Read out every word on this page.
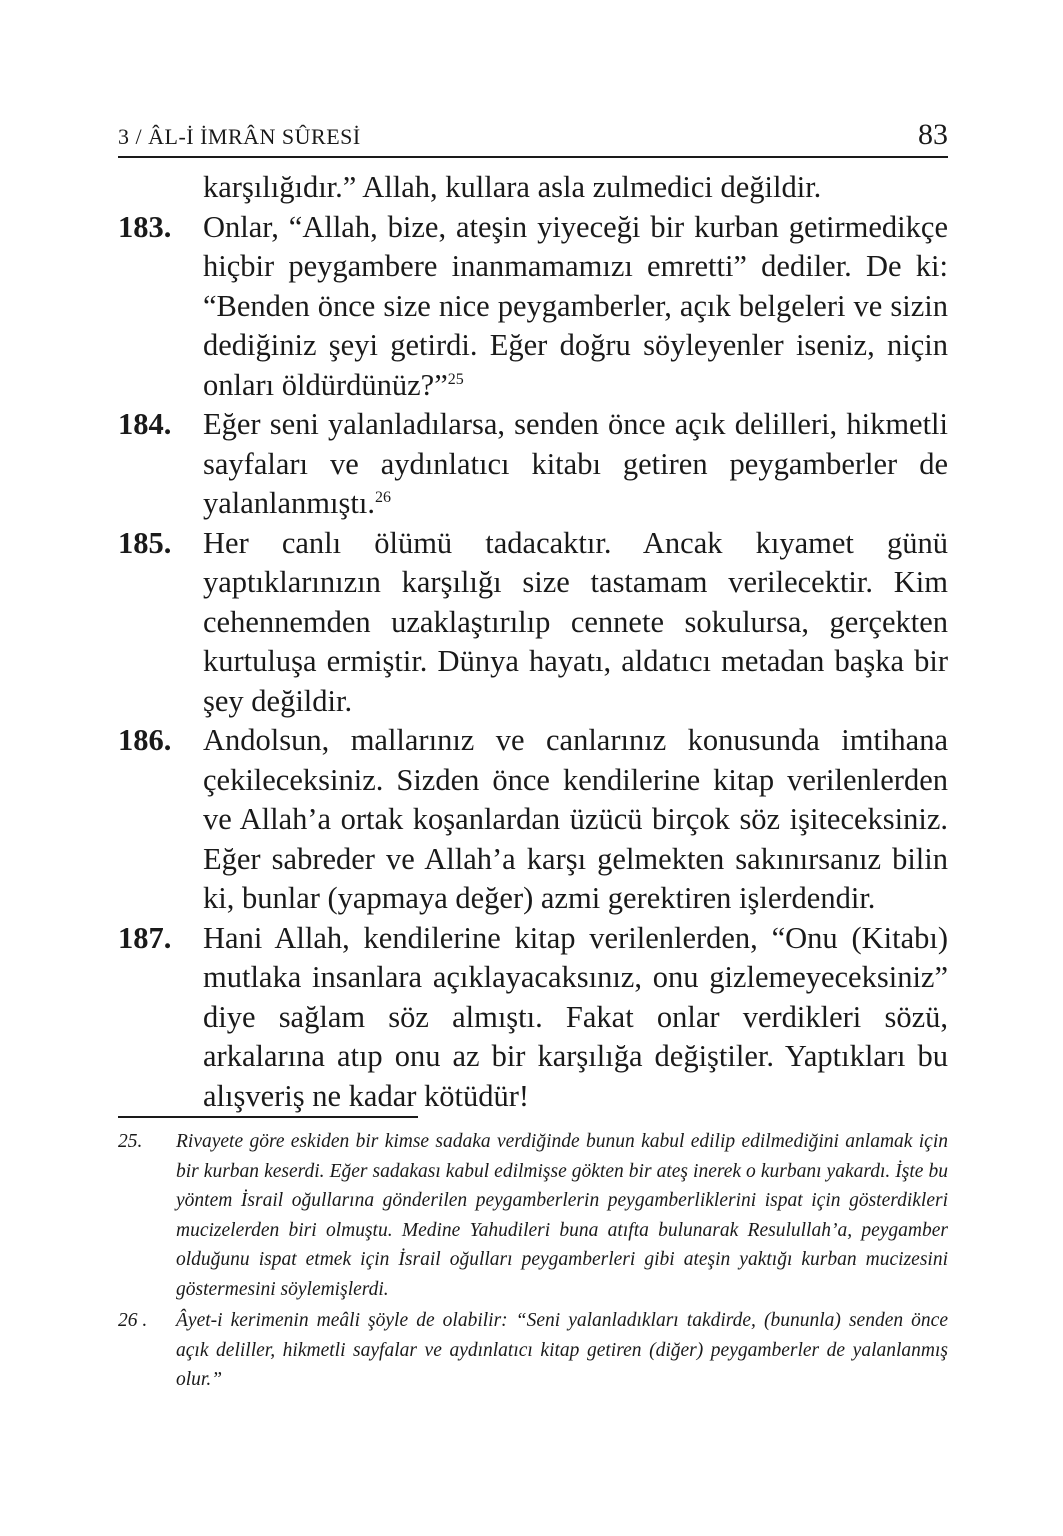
3 / ÂL-İ İMRÂN SÛRESİ	83
karşılığıdır.” Allah, kullara asla zulmedici değildir.
183. Onlar, “Allah, bize, ateşin yiyeceği bir kurban getirmedikçe hiçbir peygambere inanmamamızı emretti” dediler. De ki: “Benden önce size nice peygamberler, açık belgeleri ve sizin dediğiniz şeyi getirdi. Eğer doğru söyleyenler iseniz, niçin onları öldürdünüz?”$^{25}$
184. Eğer seni yalanladılarsa, senden önce açık delilleri, hikmetli sayfaları ve aydınlatıcı kitabı getiren peygamberler de yalanlanmıştı.$^{26}$
185. Her canlı ölümü tadacaktır. Ancak kıyamet günü yaptıklarınızın karşılığı size tastamam verilecektir. Kim cehennemden uzaklaştırılıp cennete sokulursa, gerçekten kurtuluşa ermiştir. Dünya hayatı, aldatıcı metadan başka bir şey değildir.
186. Andolsun, mallarınız ve canlarınız konusunda imtihana çekileceksiniz. Sizden önce kendilerine kitap verilenlerden ve Allah’a ortak koşanlardan üzücü birçok söz işiteceksiniz. Eğer sabreder ve Allah’a karşı gelmekten sakınırsanız bilin ki, bunlar (yapmaya değer) azmi gerektiren işlerdendir.
187. Hani Allah, kendilerine kitap verilenlerden, “Onu (Kitabı) mutlaka insanlara açıklayacaksınız, onu gizlemeyeceksiniz” diye sağlam söz almıştı. Fakat onlar verdikleri sözü, arkalarına atıp onu az bir karşılığa değiştiler. Yaptıkları bu alışveriş ne kadar kötüdür!
25. Rivayete göre eskiden bir kimse sadaka verdiğinde bunun kabul edilip edilmediğini anlamak için bir kurban keserdi. Eğer sadakası kabul edilmişse gökten bir ateş inerek o kurbanı yakardı. İşte bu yöntem İsrail oğullarına gönderilen peygamberlerin peygamberliklerini ispat için gösterdikleri mucizelerden biri olmuştu. Medine Yahudileri buna atıfta bulunarak Resulullah’a, peygamber olduğunu ispat etmek için İsrail oğulları peygamberleri gibi ateşin yaktığı kurban mucizesini göstermesini söylemişlerdi.
26 . Âyet-i kerimenin meâli şöyle de olabilir: “Seni yalanladıkları takdirde, (bununla) senden önce açık deliller, hikmetli sayfalar ve aydınlatıcı kitap getiren (diğer) peygamberler de yalanlanmış olur.”
